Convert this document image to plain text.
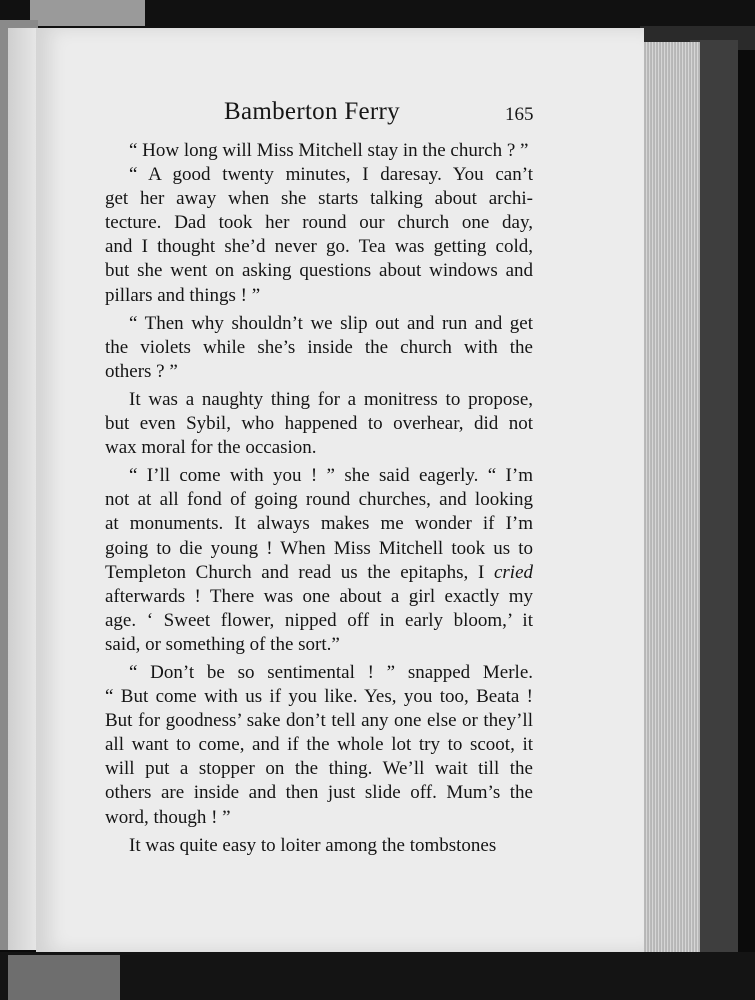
Bamberton Ferry	165
“ How long will Miss Mitchell stay in the church ? ”
“ A good twenty minutes, I daresay. You can’t
get her away when she starts talking about archi-
tecture. Dad took her round our church one day,
and I thought she’d never go. Tea was getting cold,
but she went on asking questions about windows and
pillars and things ! ”
“ Then why shouldn’t we slip out and run and get
the violets while she’s inside the church with the
others ? ”
It was a naughty thing for a monitress to propose,
but even Sybil, who happened to overhear, did not
wax moral for the occasion.
“ I’ll come with you ! ” she said eagerly. “ I’m
not at all fond of going round churches, and looking
at monuments. It always makes me wonder if I’m
going to die young ! When Miss Mitchell took us to
Templeton Church and read us the epitaphs, I cried
afterwards ! There was one about a girl exactly my
age. ‘ Sweet flower, nipped off in early bloom,’ it
said, or something of the sort.”
“ Don’t be so sentimental ! ” snapped Merle.
“ But come with us if you like. Yes, you too, Beata !
But for goodness’ sake don’t tell any one else or they’ll
all want to come, and if the whole lot try to scoot, it
will put a stopper on the thing. We’ll wait till the
others are inside and then just slide off. Mum’s the
word, though ! ”
It was quite easy to loiter among the tombstones
